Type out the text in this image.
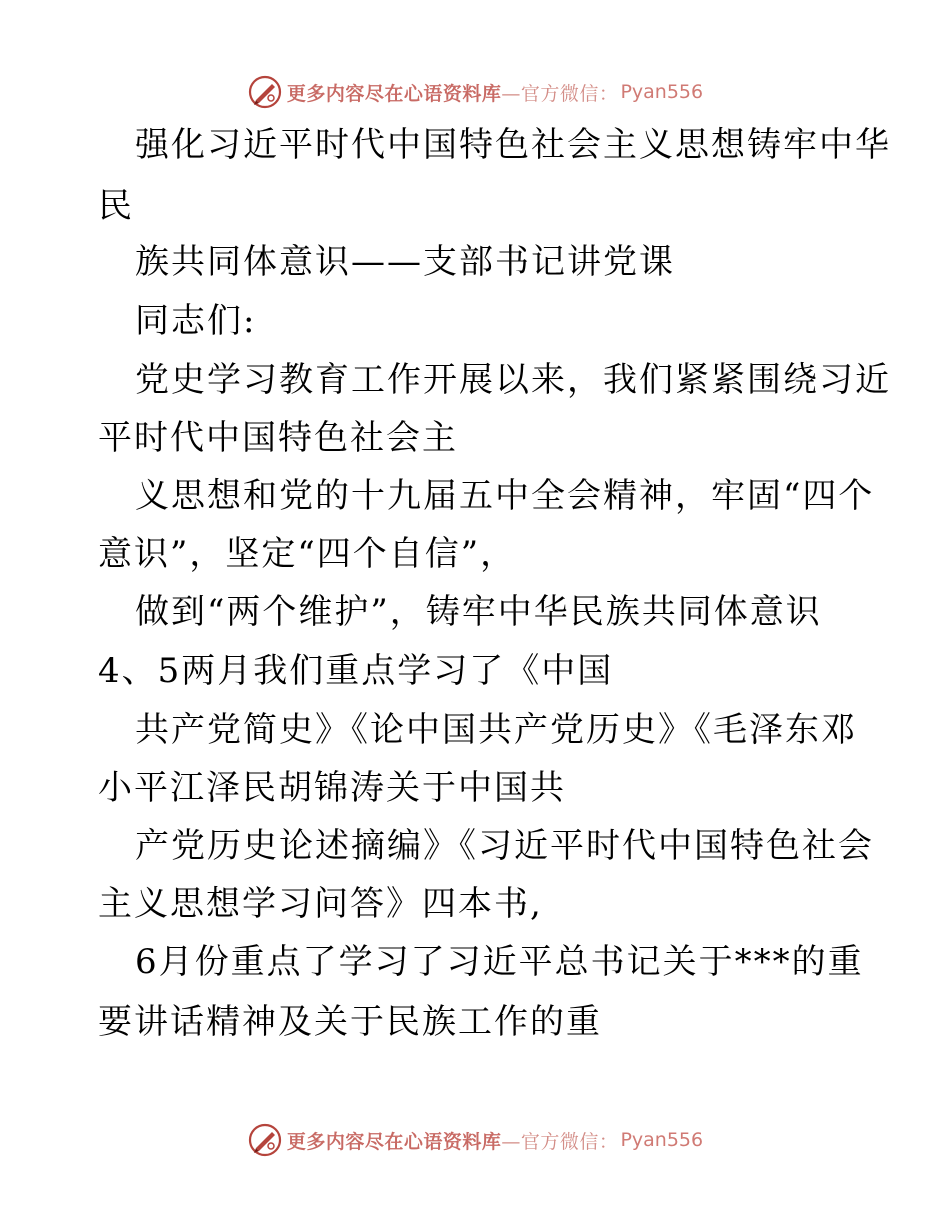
更多内容尽在心语资料库 —官方微信： Pyan556
强化习近平时代中国特色社会主义思想铸牢中华
民
族共同体意识——支部书记讲党课
同志们:
党史学习教育工作开展以来，我们紧紧围绕习近
平时代中国特色社会主
义思想和党的十九届五中全会精神，牢固“四个
意识”，坚定“四个自信”，
做到“两个维护”，铸牢中华民族共同体意识
4、5两月我们重点学习了《中国
共产党简史》《论中国共产党历史》《毛泽东邓
小平江泽民胡锦涛关于中国共
产党历史论述摘编》《习近平时代中国特色社会
主义思想学习问答》四本书,
6月份重点了学习了习近平总书记关于***的重
要讲话精神及关于民族工作的重
更多内容尽在心语资料库 —官方微信： Pyan556
